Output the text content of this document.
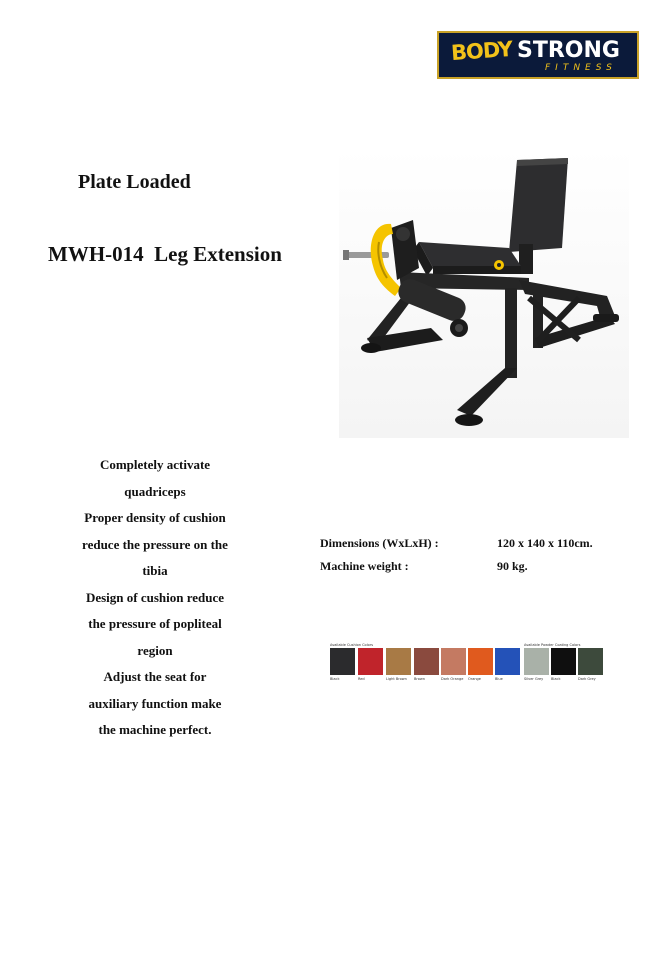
BODY STRONG
FITNESS
Plate Loaded
MWH-014  Leg Extension
Completely activate
quadriceps
Proper density of cushion
reduce the pressure on the
tibia
Design of cushion reduce
the pressure of popliteal
region
Adjust the seat for
auxiliary function make
the machine perfect.
Dimensions (WxLxH) :	120 x 140 x 110cm.
Machine weight :	90 kg.
Available Cushion Colors	Available Powder Coating Colors
Black	Red	Light Brown	Brown	Dark Orange	Orange	Blue	Silver Grey	Black	Dark Grey
